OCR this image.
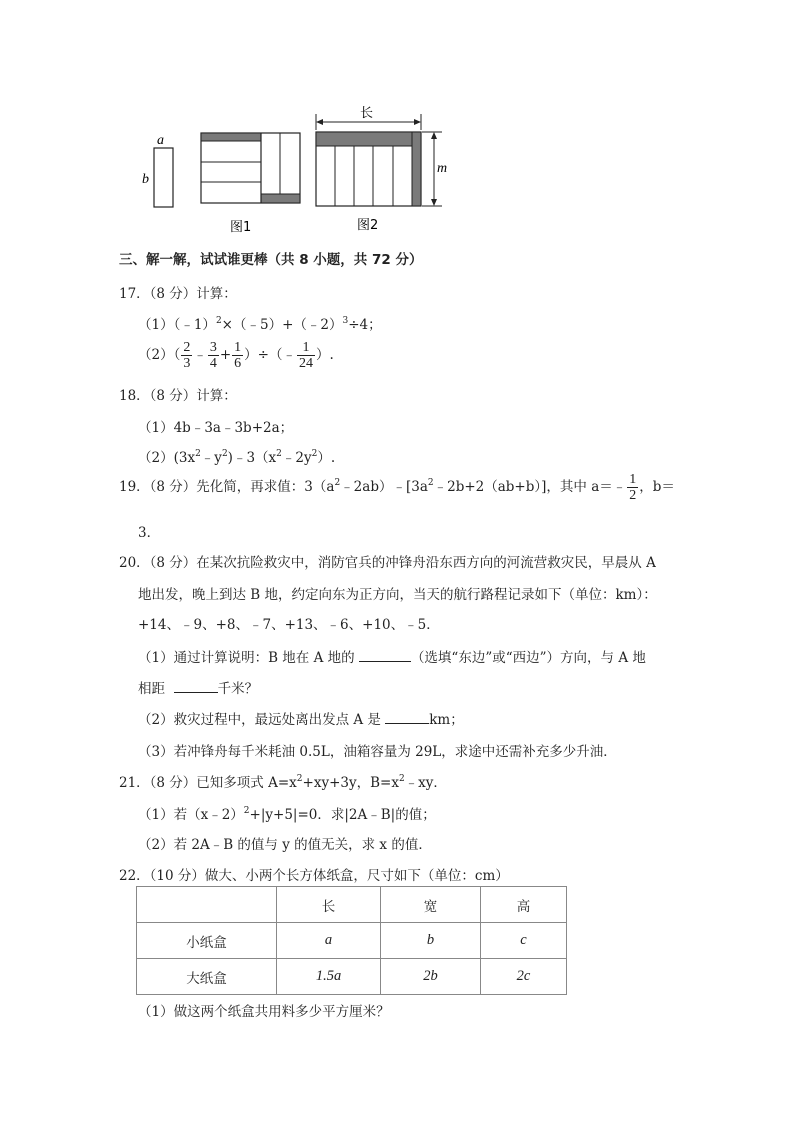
a
b
图1
长
m
图2
三、解一解，试试谁更棒（共 8 小题，共 72 分）
17．（8 分）计算：
（1）（﹣1）$^2$×（﹣5）+（﹣2）$^3$÷4；
$(2)( \frac{2}{3}$ ﹣ $\frac{3}{4} + \frac{1}{6}$ ）÷（﹣ $\frac{1}{24}$ ）.
18．（8 分）计算：
（1）4b﹣3a﹣3b+2a；
$(2)(3x^2﹣y^2)﹣3(x^2﹣2y^2)$.
19．（8 分）先化简，再求值：$3(a^2﹣2ab)﹣[3a^2﹣2b+2(ab+b)]$，其中 a＝﹣ $\frac{1}{2}$ ，b＝
3．
20．（8 分）在某次抗险救灾中，消防官兵的冲锋舟沿东西方向的河流营救灾民，早晨从 A
地出发，晚上到达 B 地，约定向东为正方向，当天的航行路程记录如下（单位：km）：
+14、﹣9、+8、﹣7、+13、﹣6、+10、﹣5．
（1）通过计算说明：B 地在 A 地的	（选填“东边”或“西边”）方向，与 A 地
相距	千米？
（2）救灾过程中，最远处离出发点 A 是	km；
（3）若冲锋舟每千米耗油 0.5L，油箱容量为 29L，求途中还需补充多少升油．
21．（8 分）已知多项式 $A=x^2+xy+3y$，$B=x^2﹣xy$．
（1）若（x﹣2）$^2$+|y+5|=0．求|2A﹣B|的值；
（2）若 2A﹣B 的值与 y 的值无关，求 x 的值．
22．（10 分）做大、小两个长方体纸盒，尺寸如下（单位：cm）
	长	宽	高
小纸盒	a	b	c
大纸盒	1.5a	2b	2c
（1）做这两个纸盒共用料多少平方厘米？
